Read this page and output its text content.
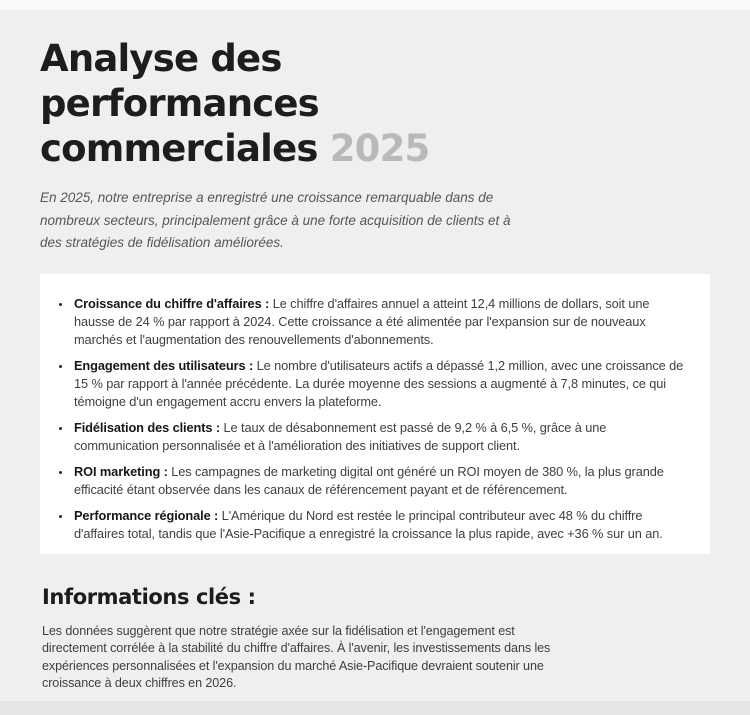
Analyse des
performances
commerciales 2025

En 2025, notre entreprise a enregistré une croissance remarquable dans de nombreux secteurs, principalement grâce à une forte acquisition de clients et à des stratégies de fidélisation améliorées.

• Croissance du chiffre d'affaires : Le chiffre d'affaires annuel a atteint 12,4 millions de dollars, soit une hausse de 24 % par rapport à 2024. Cette croissance a été alimentée par l'expansion sur de nouveaux marchés et l'augmentation des renouvellements d'abonnements.
• Engagement des utilisateurs : Le nombre d'utilisateurs actifs a dépassé 1,2 million, avec une croissance de 15 % par rapport à l'année précédente. La durée moyenne des sessions a augmenté à 7,8 minutes, ce qui témoigne d'un engagement accru envers la plateforme.
• Fidélisation des clients : Le taux de désabonnement est passé de 9,2 % à 6,5 %, grâce à une communication personnalisée et à l'amélioration des initiatives de support client.
• ROI marketing : Les campagnes de marketing digital ont généré un ROI moyen de 380 %, la plus grande efficacité étant observée dans les canaux de référencement payant et de référencement.
• Performance régionale : L'Amérique du Nord est restée le principal contributeur avec 48 % du chiffre d'affaires total, tandis que l'Asie-Pacifique a enregistré la croissance la plus rapide, avec +36 % sur un an.
Informations clés :

Les données suggèrent que notre stratégie axée sur la fidélisation et l'engagement est directement corrélée à la stabilité du chiffre d'affaires. À l'avenir, les investissements dans les expériences personnalisées et l'expansion du marché Asie-Pacifique devraient soutenir une croissance à deux chiffres en 2026.
